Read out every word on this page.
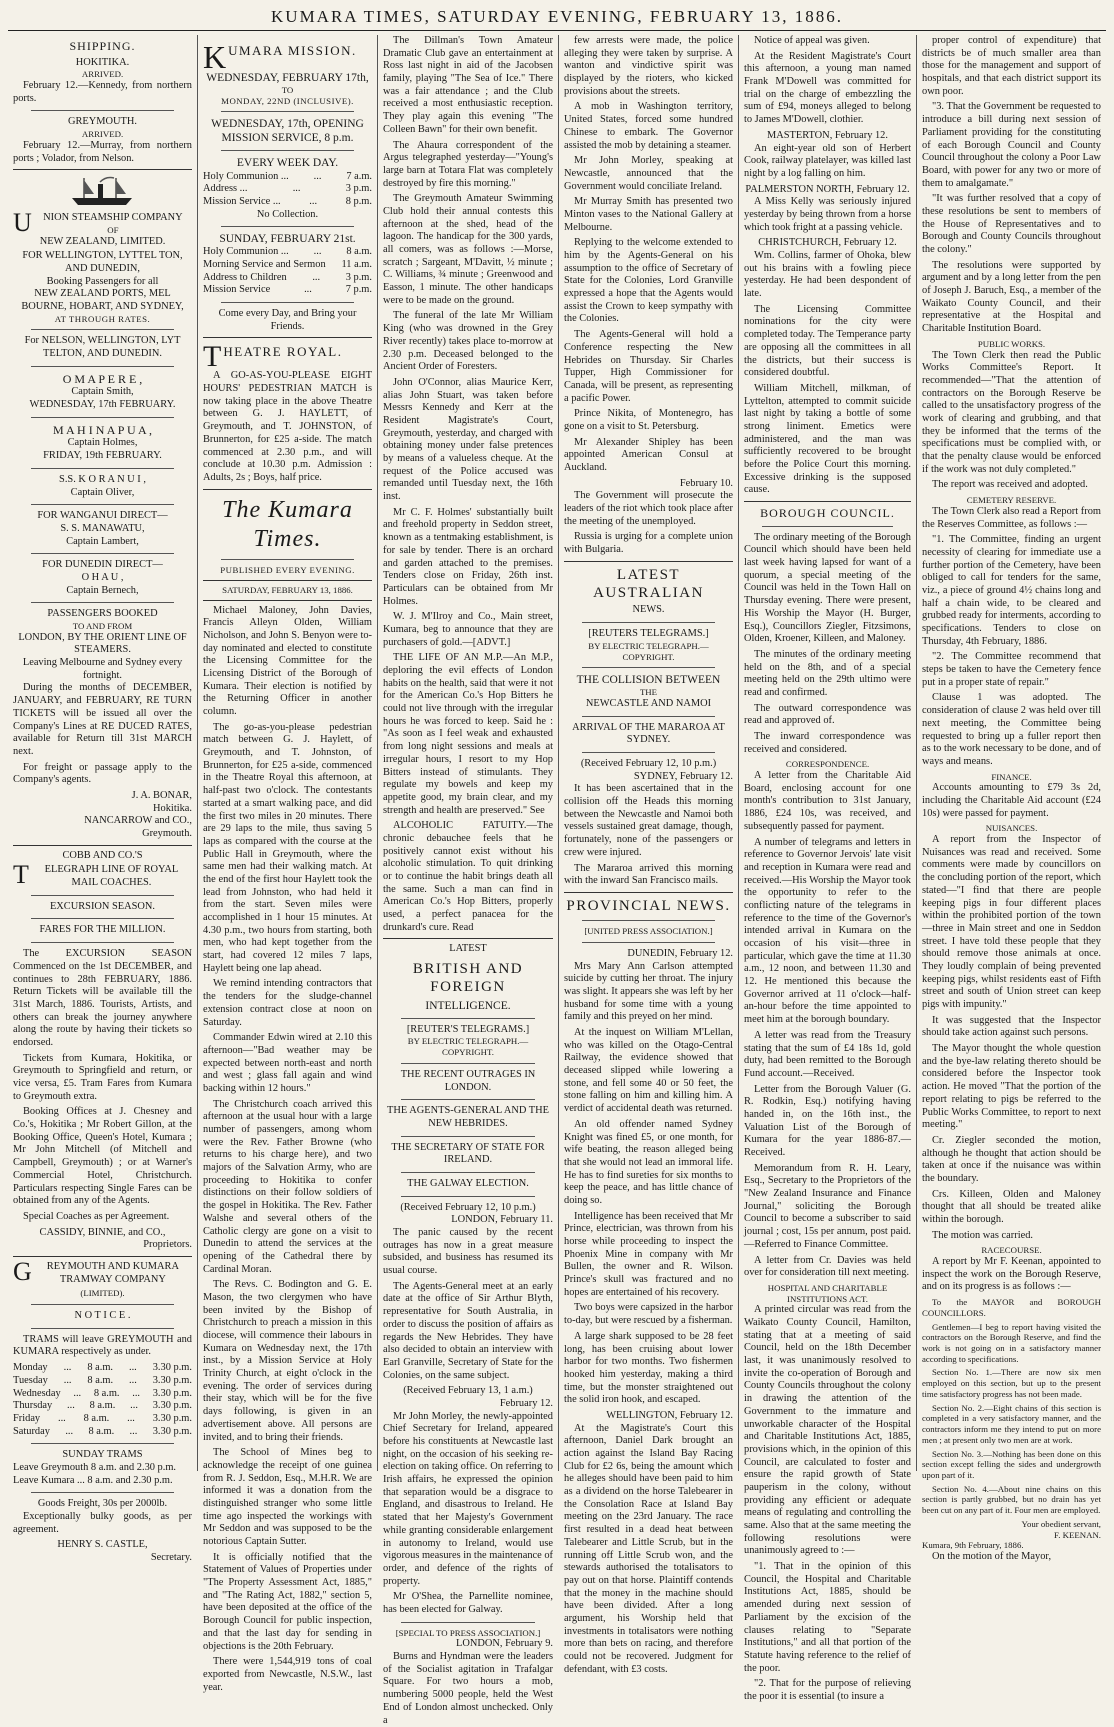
KUMARA TIMES, SATURDAY EVENING, FEBRUARY 13, 1886.
SHIPPING.
HOKITIKA.
ARRIVED.

February 12.—Kennedy, from northern ports.

GREYMOUTH.
ARRIVED.

February 12.—Murray, from northern ports ; Volador, from Nelson.

U	NION STEAMSHIP COMPANY
OF
NEW ZEALAND, LIMITED.
FOR WELLINGTON, LYTTEL TON, AND DUNEDIN,
Booking Passengers for all
NEW ZEALAND PORTS, MEL BOURNE, HOBART, AND SYDNEY,
AT THROUGH RATES.
For NELSON, WELLINGTON, LYT TELTON, AND DUNEDIN.
O M A P E R E ,
Captain Smith,
WEDNESDAY, 17th FEBRUARY.
M A H I N A P U A ,
Captain Holmes,
FRIDAY, 19th FEBRUARY.
S.S. K O R A N U I ,
Captain Oliver,
FOR WANGANUI DIRECT—
S. S. MANAWATU,
Captain Lambert,
FOR DUNEDIN DIRECT—
O H A U ,
Captain Bernech,
PASSENGERS BOOKED
TO AND FROM
LONDON, BY THE ORIENT LINE OF STEAMERS.
Leaving Melbourne and Sydney every fortnight.

During the months of DECEMBER, JANUARY, and FEBRUARY, RE TURN TICKETS will be issued all over the Company's Lines at RE DUCED RATES, available for Return till 31st MARCH next.

For freight or passage apply to the Company's agents.

J. A. BONAR,
Hokitika.
NANCARROW and CO.,
Greymouth.
COBB AND CO.'S
T ELEGRAPH LINE OF ROYAL MAIL COACHES.
EXCURSION SEASON.
FARES FOR THE MILLION.

The EXCURSION SEASON Commenced on the 1st DECEMBER, and continues to 28th FEBRUARY, 1886. Return Tickets will be available till the 31st March, 1886. Tourists, Artists, and others can break the journey anywhere along the route by having their tickets so endorsed.

Tickets from Kumara, Hokitika, or Greymouth to Springfield and return, or vice versa, £5. Tram Fares from Kumara to Greymouth extra.

Booking Offices at J. Chesney and Co.'s, Hokitika ; Mr Robert Gillon, at the Booking Office, Queen's Hotel, Kumara ; Mr John Mitchell (of Mitchell and Campbell, Greymouth) ; or at Warner's Commercial Hotel, Christchurch. Particulars respecting Single Fares can be obtained from any of the Agents.

Special Coaches as per Agreement.

CASSIDY, BINNIE, and CO.,
Proprietors.
G REYMOUTH AND KUMARA TRAMWAY COMPANY
(LIMITED).
N O T I C E .

TRAMS will leave GREYMOUTH and KUMARA respectively as under.

Monday ... 8 a.m. ... 3.30 p.m.
Tuesday ... 8 a.m. ... 3.30 p.m.
Wednesday ... 8 a.m. ... 3.30 p.m.
Thursday ... 8 a.m. ... 3.30 p.m.
Friday ... 8 a.m. ... 3.30 p.m.
Saturday ... 8 a.m. ... 3.30 p.m.
SUNDAY TRAMS
Leave Greymouth 8 a.m. and 2.30 p.m.
Leave Kumara ... 8 a.m. and 2.30 p.m.
Goods Freight, 30s per 2000lb.

Exceptionally bulky goods, as per agreement.

HENRY S. CASTLE,
Secretary.
K UMARA MISSION.
WEDNESDAY, FEBRUARY 17th,
TO
MONDAY, 22ND (INCLUSIVE).
WEDNESDAY, 17th, OPENING MISSION SERVICE, 8 p.m.
EVERY WEEK DAY.
Holy Communion ... ... 7 a.m.
Address ...	...	3 p.m.
Mission Service ...	...	8 p.m.
No Collection.
SUNDAY, FEBRUARY 21st.
Holy Communion ... ... 8 a.m.
Morning Service and Sermon 11 a.m.
Address to Children ... 3 p.m.
Mission Service	...	7 p.m.
Come every Day, and Bring your Friends.
T HEATRE ROYAL.

A GO-AS-YOU-PLEASE EIGHT HOURS' PEDESTRIAN MATCH is now taking place in the above Theatre between G. J. HAYLETT, of Greymouth, and T. JOHNSTON, of Brunnerton, for £25 a-side. The match commenced at 2.30 p.m., and will conclude at 10.30 p.m. Admission : Adults, 2s ; Boys, half price.

The Kumara Times.
PUBLISHED EVERY EVENING.
SATURDAY, FEBRUARY 13, 1886.

Michael Maloney, John Davies, Francis Alleyn Olden, William Nicholson, and John S. Benyon were to-day nominated and elected to constitute the Licensing Committee for the Licensing District of the Borough of Kumara. Their election is notified by the Returning Officer in another column.

The go-as-you-please pedestrian match between G. J. Haylett, of Greymouth, and T. Johnston, of Brunnerton, for £25 a-side, commenced in the Theatre Royal this afternoon, at half-past two o'clock. The contestants started at a smart walking pace, and did the first two miles in 20 minutes. There are 29 laps to the mile, thus saving 5 laps as compared with the course at the Public Hall in Greymouth, where the same men had their walking match. At the end of the first hour Haylett took the lead from Johnston, who had held it from the start. Seven miles were accomplished in 1 hour 15 minutes. At 4.30 p.m., two hours from starting, both men, who had kept together from the start, had covered 12 miles 7 laps, Haylett being one lap ahead.

We remind intending contractors that the tenders for the sludge-channel extension contract close at noon on Saturday.

Commander Edwin wired at 2.10 this afternoon—"Bad weather may be expected between north-east and north and west ; glass fall again and wind backing within 12 hours."

The Christchurch coach arrived this afternoon at the usual hour with a large number of passengers, among whom were the Rev. Father Browne (who returns to his charge here), and two majors of the Salvation Army, who are proceeding to Hokitika to confer distinctions on their follow soldiers of the gospel in Hokitika. The Rev. Father Walshe and several others of the Catholic clergy are gone on a visit to Dunedin to attend the services at the opening of the Cathedral there by Cardinal Moran.

The Revs. C. Bodington and G. E. Mason, the two clergymen who have been invited by the Bishop of Christchurch to preach a mission in this diocese, will commence their labours in Kumara on Wednesday next, the 17th inst., by a Mission Service at Holy Trinity Church, at eight o'clock in the evening. The order of services during their stay, which will be for the five days following, is given in an advertisement above. All persons are invited, and to bring their friends.

The School of Mines beg to acknowledge the receipt of one guinea from R. J. Seddon, Esq., M.H.R. We are informed it was a donation from the distinguished stranger who some little time ago inspected the workings with Mr Seddon and was supposed to be the notorious Captain Sutter.

It is officially notified that the Statement of Values of Properties under "The Property Assessment Act, 1885," and "The Rating Act, 1882," section 5, have been deposited at the office of the Borough Council for public inspection, and that the last day for sending in objections is the 20th February.

There were 1,544,919 tons of coal exported from Newcastle, N.S.W., last year.

The Dillman's Town Amateur Dramatic Club gave an entertainment at Ross last night in aid of the Jacobsen family, playing "The Sea of Ice." There was a fair attendance ; and the Club received a most enthusiastic reception. They play again this evening "The Colleen Bawn" for their own benefit.

The Ahaura correspondent of the Argus telegraphed yesterday—"Young's large barn at Totara Flat was completely destroyed by fire this morning."

The Greymouth Amateur Swimming Club hold their annual contests this afternoon at the shed, head of the lagoon. The handicap for the 300 yards, all comers, was as follows :—Morse, scratch ; Sargeant, M'Davitt, ½ minute ; C. Williams, ¾ minute ; Greenwood and Easson, 1 minute. The other handicaps were to be made on the ground.

The funeral of the late Mr William King (who was drowned in the Grey River recently) takes place to-morrow at 2.30 p.m. Deceased belonged to the Ancient Order of Foresters.

John O'Connor, alias Maurice Kerr, alias John Stuart, was taken before Messrs Kennedy and Kerr at the Resident Magistrate's Court, Greymouth, yesterday, and charged with obtaining money under false pretences by means of a valueless cheque. At the request of the Police accused was remanded until Tuesday next, the 16th inst.

Mr C. F. Holmes' substantially built and freehold property in Seddon street, known as a tentmaking establishment, is for sale by tender. There is an orchard and garden attached to the premises. Tenders close on Friday, 26th inst. Particulars can be obtained from Mr Holmes.

W. J. M'Ilroy and Co., Main street, Kumara, beg to announce that they are purchasers of gold.—[ADVT.]

THE LIFE OF AN M.P.—An M.P., deploring the evil effects of London habits on the health, said that were it not for the American Co.'s Hop Bitters he could not live through with the irregular hours he was forced to keep. Said he : "As soon as I feel weak and exhausted from long night sessions and meals at irregular hours, I resort to my Hop Bitters instead of stimulants. They regulate my bowels and keep my appetite good, my brain clear, and my strength and health are preserved." See

ALCOHOLIC FATUITY.—The chronic debauchee feels that he positively cannot exist without his alcoholic stimulation. To quit drinking or to continue the habit brings death all the same. Such a man can find in American Co.'s Hop Bitters, properly used, a perfect panacea for the drunkard's cure. Read

LATEST
BRITISH AND FOREIGN
INTELLIGENCE.
[REUTER'S TELEGRAMS.]
BY ELECTRIC TELEGRAPH.—COPYRIGHT.
THE RECENT OUTRAGES IN LONDON.
THE AGENTS-GENERAL AND THE NEW HEBRIDES.
THE SECRETARY OF STATE FOR IRELAND.
THE GALWAY ELECTION.
(Received February 12, 10 p.m.)
LONDON, February 11.

The panic caused by the recent outrages has now in a great measure subsided, and business has resumed its usual course.

The Agents-General meet at an early date at the office of Sir Arthur Blyth, representative for South Australia, in order to discuss the position of affairs as regards the New Hebrides. They have also decided to obtain an interview with Earl Granville, Secretary of State for the Colonies, on the same subject.

(Received February 13, 1 a.m.)
February 12.

Mr John Morley, the newly-appointed Chief Secretary for Ireland, appeared before his constituents at Newcastle last night, on the occasion of his seeking re-election on taking office. On referring to Irish affairs, he expressed the opinion that separation would be a disgrace to England, and disastrous to Ireland. He stated that her Majesty's Government while granting considerable enlargement in autonomy to Ireland, would use vigorous measures in the maintenance of order, and defence of the rights of property.

Mr O'Shea, the Parnellite nominee, has been elected for Galway.

[SPECIAL TO PRESS ASSOCIATION.]
LONDON, February 9.

Burns and Hyndman were the leaders of the Socialist agitation in Trafalgar Square. For two hours a mob, numbering 5000 people, held the West End of London almost unchecked. Only a

few arrests were made, the police alleging they were taken by surprise. A wanton and vindictive spirit was displayed by the rioters, who kicked provisions about the streets.

A mob in Washington territory, United States, forced some hundred Chinese to embark. The Governor assisted the mob by detaining a steamer.

Mr John Morley, speaking at Newcastle, announced that the Government would conciliate Ireland.

Mr Murray Smith has presented two Minton vases to the National Gallery at Melbourne.

Replying to the welcome extended to him by the Agents-General on his assumption to the office of Secretary of State for the Colonies, Lord Granville expressed a hope that the Agents would assist the Crown to keep sympathy with the Colonies.

The Agents-General will hold a Conference respecting the New Hebrides on Thursday. Sir Charles Tupper, High Commissioner for Canada, will be present, as representing a pacific Power.

Prince Nikita, of Montenegro, has gone on a visit to St. Petersburg.

Mr Alexander Shipley has been appointed American Consul at Auckland.

February 10.

The Government will prosecute the leaders of the riot which took place after the meeting of the unemployed.

Russia is urging for a complete union with Bulgaria.

LATEST AUSTRALIAN
NEWS.
[REUTERS TELEGRAMS.]
BY ELECTRIC TELEGRAPH.—COPYRIGHT.
THE COLLISION BETWEEN
THE
NEWCASTLE AND NAMOI
ARRIVAL OF THE MARAROA AT SYDNEY.
(Received February 12, 10 p.m.)
SYDNEY, February 12.

It has been ascertained that in the collision off the Heads this morning between the Newcastle and Namoi both vessels sustained great damage, though, fortunately, none of the passengers or crew were injured.

The Mararoa arrived this morning with the inward San Francisco mails.

PROVINCIAL NEWS.
[UNITED PRESS ASSOCIATION.]
DUNEDIN, February 12.

Mrs Mary Ann Carlson attempted suicide by cutting her throat. The injury was slight. It appears she was left by her husband for some time with a young family and this preyed on her mind.

At the inquest on William M'Lellan, who was killed on the Otago-Central Railway, the evidence showed that deceased slipped while lowering a stone, and fell some 40 or 50 feet, the stone falling on him and killing him. A verdict of accidental death was returned.

An old offender named Sydney Knight was fined £5, or one month, for wife beating, the reason alleged being that she would not lead an immoral life. He has to find sureties for six months to keep the peace, and has little chance of doing so.

Intelligence has been received that Mr Prince, electrician, was thrown from his horse while proceeding to inspect the Phoenix Mine in company with Mr Bullen, the owner and R. Wilson. Prince's skull was fractured and no hopes are entertained of his recovery.

Two boys were capsized in the harbor to-day, but were rescued by a fisherman.

A large shark supposed to be 28 feet long, has been cruising about lower harbor for two months. Two fishermen hooked him yesterday, making a third time, but the monster straightened out the solid iron hook, and escaped.

WELLINGTON, February 12.

At the Magistrate's Court this afternoon, Daniel Dark brought an action against the Island Bay Racing Club for £2 6s, being the amount which he alleges should have been paid to him as a dividend on the horse Talebearer in the Consolation Race at Island Bay meeting on the 23rd January. The race first resulted in a dead heat between Talebearer and Little Scrub, but in the running off Little Scrub won, and the stewards authorised the totalisators to pay out on that horse. Plaintiff contends that the money in the machine should have been divided. After a long argument, his Worship held that investments in totalisators were nothing more than bets on racing, and therefore could not be recovered. Judgment for defendant, with £3 costs.

Notice of appeal was given.

At the Resident Magistrate's Court this afternoon, a young man named Frank M'Dowell was committed for trial on the charge of embezzling the sum of £94, moneys alleged to belong to James M'Dowell, clothier.

MASTERTON, February 12.

An eight-year old son of Herbert Cook, railway platelayer, was killed last night by a log falling on him.

PALMERSTON NORTH, February 12.

A Miss Kelly was seriously injured yesterday by being thrown from a horse which took fright at a passing vehicle.

CHRISTCHURCH, February 12.

Wm. Collins, farmer of Ohoka, blew out his brains with a fowling piece yesterday. He had been despondent of late.

The Licensing Committee nominations for the city were completed today. The Temperance party are opposing all the committees in all the districts, but their success is considered doubtful.

William Mitchell, milkman, of Lyttelton, attempted to commit suicide last night by taking a bottle of some strong liniment. Emetics were administered, and the man was sufficiently recovered to be brought before the Police Court this morning. Excessive drinking is the supposed cause.

BOROUGH COUNCIL.

The ordinary meeting of the Borough Council which should have been held last week having lapsed for want of a quorum, a special meeting of the Council was held in the Town Hall on Thursday evening. There were present, His Worship the Mayor (H. Burger, Esq.), Councillors Ziegler, Fitzsimons, Olden, Kroener, Killeen, and Maloney.

The minutes of the ordinary meeting held on the 8th, and of a special meeting held on the 29th ultimo were read and confirmed.

The outward correspondence was read and approved of.

The inward correspondence was received and considered.

CORRESPONDENCE.

A letter from the Charitable Aid Board, enclosing account for one month's contribution to 31st January, 1886, £24 10s, was received, and subsequently passed for payment.

A number of telegrams and letters in reference to Governor Jervois' late visit and reception in Kumara were read and received.—His Worship the Mayor took the opportunity to refer to the conflicting nature of the telegrams in reference to the time of the Governor's intended arrival in Kumara on the occasion of his visit—three in particular, which gave the time at 11.30 a.m., 12 noon, and between 11.30 and 12. He mentioned this because the Governor arrived at 11 o'clock—half-an-hour before the time appointed to meet him at the borough boundary.

A letter was read from the Treasury stating that the sum of £4 18s 1d, gold duty, had been remitted to the Borough Fund account.—Received.

Letter from the Borough Valuer (G. R. Rodkin, Esq.) notifying having handed in, on the 16th inst., the Valuation List of the Borough of Kumara for the year 1886-87.—Received.

Memorandum from R. H. Leary, Esq., Secretary to the Proprietors of the "New Zealand Insurance and Finance Journal," soliciting the Borough Council to become a subscriber to said journal ; cost, 15s per annum, post paid.—Referred to Finance Committee.

A letter from Cr. Davies was held over for consideration till next meeting.

HOSPITAL AND CHARITABLE INSTITUTIONS ACT.

A printed circular was read from the Waikato County Council, Hamilton, stating that at a meeting of said Council, held on the 18th December last, it was unanimously resolved to invite the co-operation of Borough and County Councils throughout the colony in drawing the attention of the Government to the immature and unworkable character of the Hospital and Charitable Institutions Act, 1885, provisions which, in the opinion of this Council, are calculated to foster and ensure the rapid growth of State pauperism in the colony, without providing any efficient or adequate means of regulating and controlling the same. Also that at the same meeting the following resolutions were unanimously agreed to :—

"1. That in the opinion of this Council, the Hospital and Charitable Institutions Act, 1885, should be amended during next session of Parliament by the excision of the clauses relating to "Separate Institutions," and all that portion of the Statute having reference to the relief of the poor.

"2. That for the purpose of relieving the poor it is essential (to insure a

proper control of expenditure) that districts be of much smaller area than those for the management and support of hospitals, and that each district support its own poor.

"3. That the Government be requested to introduce a bill during next session of Parliament providing for the constituting of each Borough Council and County Council throughout the colony a Poor Law Board, with power for any two or more of them to amalgamate."

"It was further resolved that a copy of these resolutions be sent to members of the House of Representatives and to Borough and County Councils throughout the colony."

The resolutions were supported by argument and by a long letter from the pen of Joseph J. Baruch, Esq., a member of the Waikato County Council, and their representative at the Hospital and Charitable Institution Board.

PUBLIC WORKS.

The Town Clerk then read the Public Works Committee's Report. It recommended—"That the attention of contractors on the Borough Reserve be called to the unsatisfactory progress of the work of clearing and grubbing, and that they be informed that the terms of the specifications must be complied with, or that the penalty clause would be enforced if the work was not duly completed."

The report was received and adopted.

CEMETERY RESERVE.

The Town Clerk also read a Report from the Reserves Committee, as follows :—

"1. The Committee, finding an urgent necessity of clearing for immediate use a further portion of the Cemetery, have been obliged to call for tenders for the same, viz., a piece of ground 4½ chains long and half a chain wide, to be cleared and grubbed ready for interments, according to specifications. Tenders to close on Thursday, 4th February, 1886.

"2. The Committee recommend that steps be taken to have the Cemetery fence put in a proper state of repair."

Clause 1 was adopted. The consideration of clause 2 was held over till next meeting, the Committee being requested to bring up a fuller report then as to the work necessary to be done, and of ways and means.

FINANCE.

Accounts amounting to £79 3s 2d, including the Charitable Aid account (£24 10s) were passed for payment.

NUISANCES.

A report from the Inspector of Nuisances was read and received. Some comments were made by councillors on the concluding portion of the report, which stated—"I find that there are people keeping pigs in four different places within the prohibited portion of the town—three in Main street and one in Seddon street. I have told these people that they should remove those animals at once. They loudly complain of being prevented keeping pigs, whilst residents east of Fifth street and south of Union street can keep pigs with impunity."

It was suggested that the Inspector should take action against such persons.

The Mayor thought the whole question and the bye-law relating thereto should be considered before the Inspector took action. He moved "That the portion of the report relating to pigs be referred to the Public Works Committee, to report to next meeting."

Cr. Ziegler seconded the motion, although he thought that action should be taken at once if the nuisance was within the boundary.

Crs. Killeen, Olden and Maloney thought that all should be treated alike within the borough.

The motion was carried.

RACECOURSE.

A report by Mr F. Keenan, appointed to inspect the work on the Borough Reserve, and on its progress is as follows :—

To the MAYOR and BOROUGH COUNCILLORS.

Gentlemen—I beg to report having visited the contractors on the Borough Reserve, and find the work is not going on in a satisfactory manner according to specifications.

Section No. 1.—There are now six men employed on this section, but up to the present time satisfactory progress has not been made.

Section No. 2.—Eight chains of this section is completed in a very satisfactory manner, and the contractors inform me they intend to put on more men ; at present only two men are at work.

Section No. 3.—Nothing has been done on this section except felling the sides and undergrowth upon part of it.

Section No. 4.—About nine chains on this section is partly grubbed, but no drain has yet been cut on any part of it. Four men are employed.

Your obedient servant,
F. KEENAN.
Kumara, 9th February, 1886.

On the motion of the Mayor,
